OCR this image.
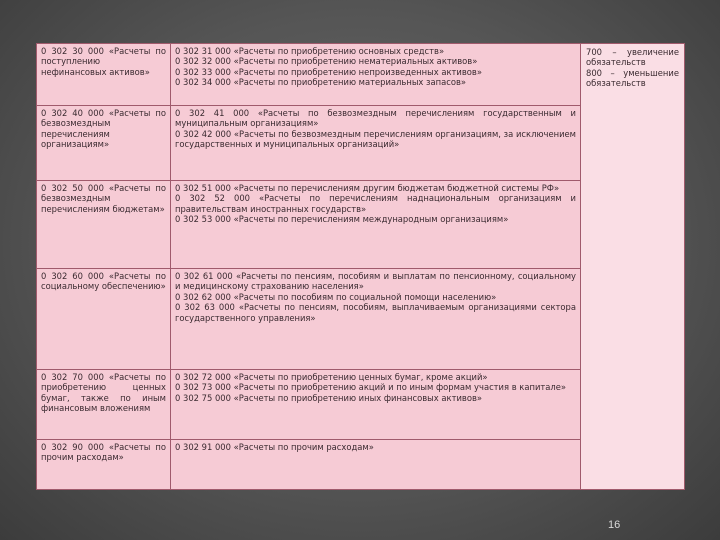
0 302 30 000 «Расчеты по поступлению нефинансовых активов»	0 302 31 000 «Расчеты по приобретению основных средств»
0 302 32 000 «Расчеты по приобретению нематериальных активов»
0 302 33 000 «Расчеты по приобретению непроизведенных активов»
0 302 34 000 «Расчеты по приобретению материальных запасов»	700 – увеличение обязательств
800 – уменьшение обязательств

0 302 40 000 «Расчеты по безвозмездным перечислениям организациям»	0 302 41 000 «Расчеты по безвозмездным перечислениям государственным и муниципальным организациям»
0 302 42 000 «Расчеты по безвозмездным перечислениям организациям, за исключением государственных и муниципальных организаций»	

0 302 50 000 «Расчеты по безвозмездным перечислениям бюджетам»	0 302 51 000 «Расчеты по перечислениям другим бюджетам бюджетной системы РФ»
0 302 52 000 «Расчеты по перечислениям наднациональным организациям и правительствам иностранных государств»
0 302 53 000 «Расчеты по перечислениям международным организациям»	

0 302 60 000 «Расчеты по социальному обеспечению»	0 302 61 000 «Расчеты по пенсиям, пособиям и выплатам по пенсионному, социальному и медицинскому страхованию населения»
0 302 62 000 «Расчеты по пособиям по социальной помощи населению»
0 302 63 000 «Расчеты по пенсиям, пособиям, выплачиваемым организациями сектора государственного управления»	

0 302 70 000 «Расчеты по приобретению ценных бумаг, также по иным финансовым вложениям	0 302 72 000 «Расчеты по приобретению ценных бумаг, кроме акций»
0 302 73 000 «Расчеты по приобретению акций и по иным формам участия в капитале»
0 302 75 000 «Расчеты по приобретению иных финансовых активов»	

0 302 90 000 «Расчеты по прочим расходам»	0 302 91 000 «Расчеты по прочим расходам»	
16
